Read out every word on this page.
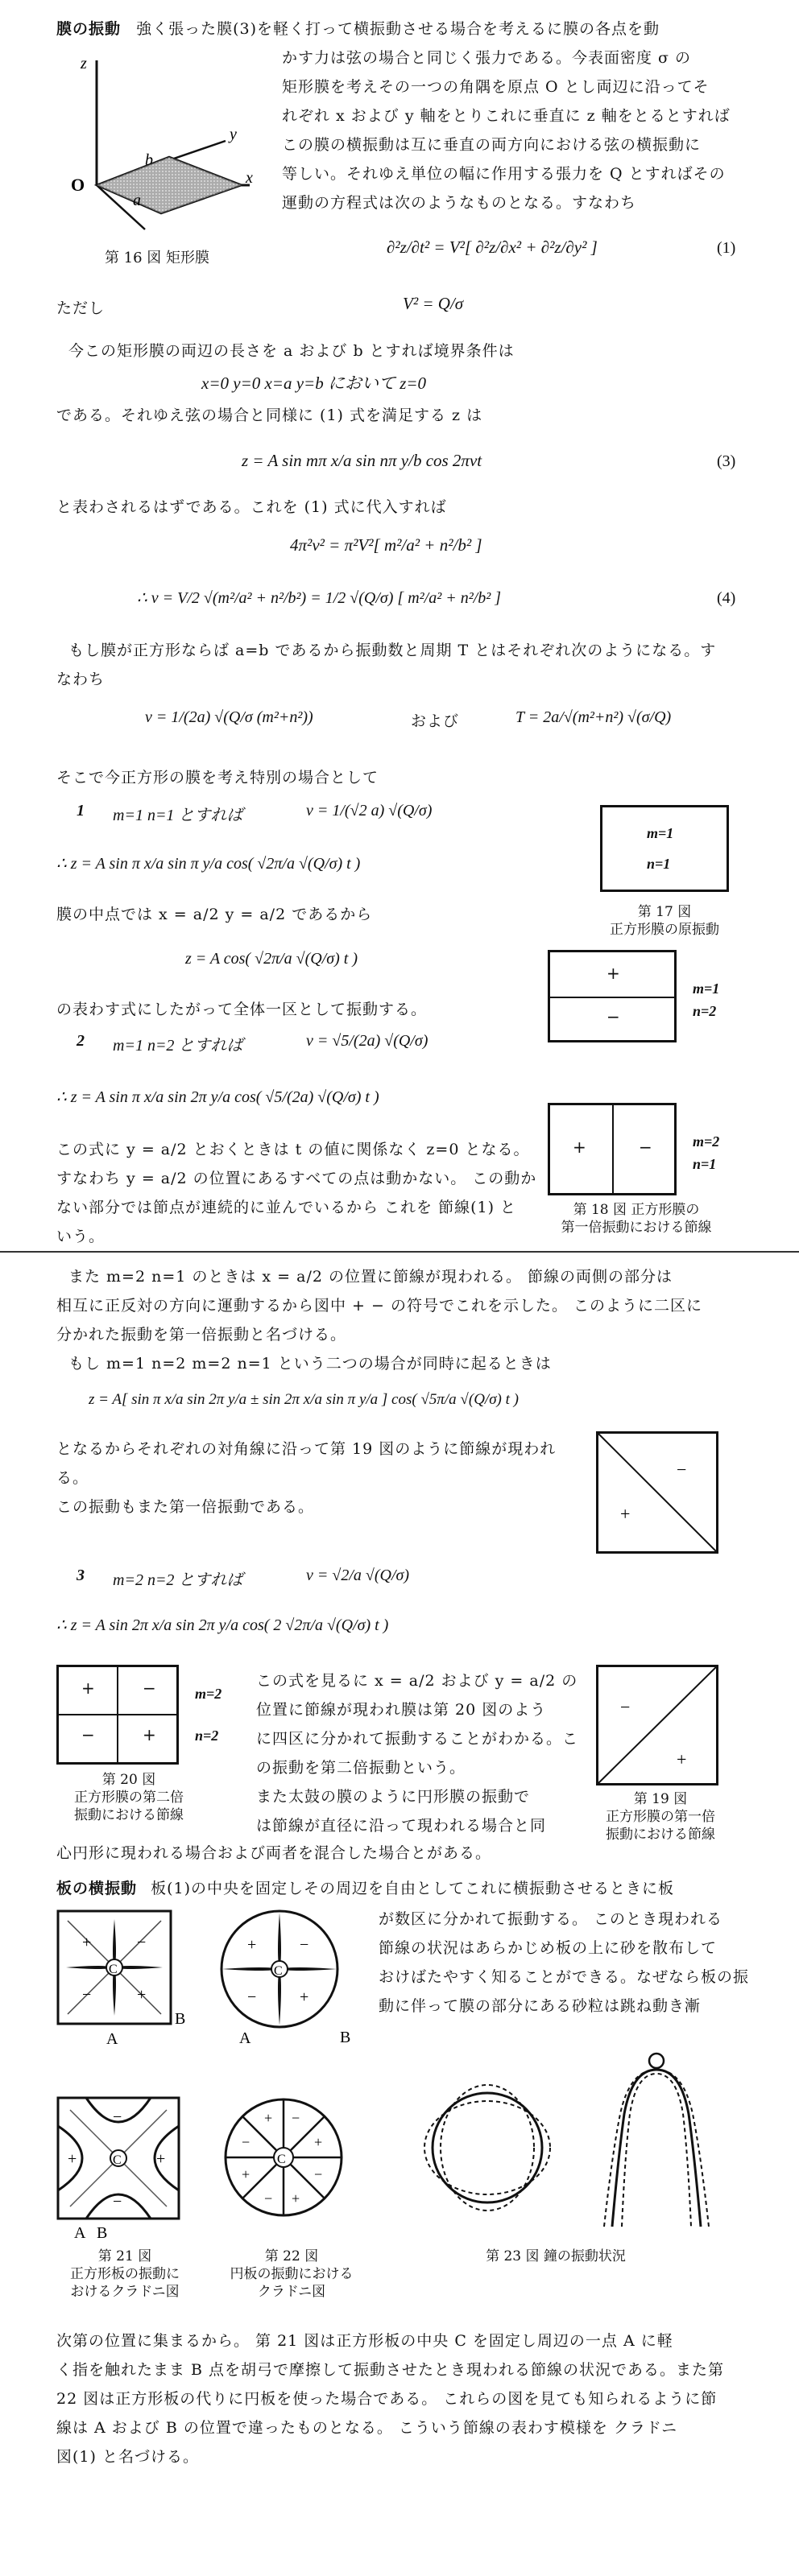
膜の振動 強く張った膜(3)を軽く打って横振動させる場合を考えるに膜の各点を動
z
y
x
O
a
b
第 16 図 矩形膜
かす力は弦の場合と同じく張力である。今表面密度 σ の
矩形膜を考えその一つの角隅を原点 O とし両辺に沿ってそ
れぞれ x および y 軸をとりこれに垂直に z 軸をとるとすれば
この膜の横振動は互に垂直の両方向における弦の横振動に
等しい。それゆえ単位の幅に作用する張力を Q とすればその
運動の方程式は次のようなものとなる。すなわち
∂²z/∂t² = V²[ ∂²z/∂x² + ∂²z/∂y² ]	(1)
ただし	V² = Q/σ
今この矩形膜の両辺の長さを a および b とすれば境界条件は
x=0 y=0 x=a y=b において z=0
である。それゆえ弦の場合と同様に (1) 式を満足する z は
z = A sin mπ x/a sin nπ y/b cos 2πνt	(3)
と表わされるはずである。これを (1) 式に代入すれば
4π²ν² = π²V²[ m²/a² + n²/b² ]
∴ ν = V/2 √(m²/a² + n²/b²) = 1/2 √(Q/σ) [ m²/a² + n²/b² ]	(4)
もし膜が正方形ならば a=b であるから振動数と周期 T とはそれぞれ次のようになる。す
なわち
ν = 1/(2a) √(Q/σ (m²+n²))	および	T = 2a/√(m²+n²) √(σ/Q)
そこで今正方形の膜を考え特別の場合として
1 m=1 n=1 とすれば	ν = 1/(√2 a) √(Q/σ)
∴ z = A sin π x/a sin π y/a cos( √2π/a √(Q/σ) t )
膜の中点では x = a/2 y = a/2 であるから
z = A cos( √2π/a √(Q/σ) t )
の表わす式にしたがって全体一区として振動する。
m=1
n=1
第 17 図
正方形膜の原振動
2 m=1 n=2 とすれば	ν = √5/(2a) √(Q/σ)
∴ z = A sin π x/a sin 2π y/a cos( √5/(2a) √(Q/σ) t )
この式に y = a/2 とおくときは t の値に関係なく z=0 となる。
すなわち y = a/2 の位置にあるすべての点は動かない。 この動か
ない部分では節点が連続的に並んでいるから これを 節線(1) と
いう。
+
−
m=1
n=2
+	−	m=2
n=1
第 18 図 正方形膜の
第一倍振動における節線
また m=2 n=1 のときは x = a/2 の位置に節線が現われる。 節線の両側の部分は
相互に正反対の方向に運動するから図中 + − の符号でこれを示した。 このように二区に
分かれた振動を第一倍振動と名づける。
もし m=1 n=2 m=2 n=1 という二つの場合が同時に起るときは
z = A[ sin π x/a sin 2π y/a ± sin 2π x/a sin π y/a ] cos( √5π/a √(Q/σ) t )
となるからそれぞれの対角線に沿って第 19 図のように節線が現われる。
この振動もまた第一倍振動である。
−
+
3 m=2 n=2 とすれば	ν = √2/a √(Q/σ)
∴ z = A sin 2π x/a sin 2π y/a cos( 2 √2π/a √(Q/σ) t )
+	−
−	+
m=2
n=2
第 20 図
正方形膜の第二倍
振動における節線
この式を見るに x = a/2 および y = a/2 の
位置に節線が現われ膜は第 20 図のよう
に四区に分かれて振動することがわかる。こ
の振動を第二倍振動という。
また太鼓の膜のように円形膜の振動で
は節線が直径に沿って現われる場合と同
心円形に現われる場合および両者を混合した場合とがある。
−
+
第 19 図
正方形膜の第一倍
振動における節線
板の横振動 板(1)の中央を固定しその周辺を自由としてこれに横振動させるときに板
が数区に分かれて振動する。 このとき現われる
節線の状況はあらかじめ板の上に砂を散布して
おけばたやすく知ることができる。なぜなら板の振
動に伴って膜の部分にある砂粒は跳ね動き漸
C
+
+
−
−
A
B
C
+
+
−
−
A	B
C
−
−
+	+
A B
C
+ −
+
−
+
−
+
−
第 21 図
正方形板の振動に
おけるクラドニ図
第 22 図
円板の振動における
クラドニ図
第 23 図 鐘の振動状況
次第の位置に集まるから。 第 21 図は正方形板の中央 C を固定し周辺の一点 A に軽
く指を触れたまま B 点を胡弓で摩擦して振動させたとき現われる節線の状況である。また第
22 図は正方形板の代りに円板を使った場合である。 これらの図を見ても知られるように節
線は A および B の位置で違ったものとなる。 こういう節線の表わす模様を クラドニ
図(1) と名づける。
